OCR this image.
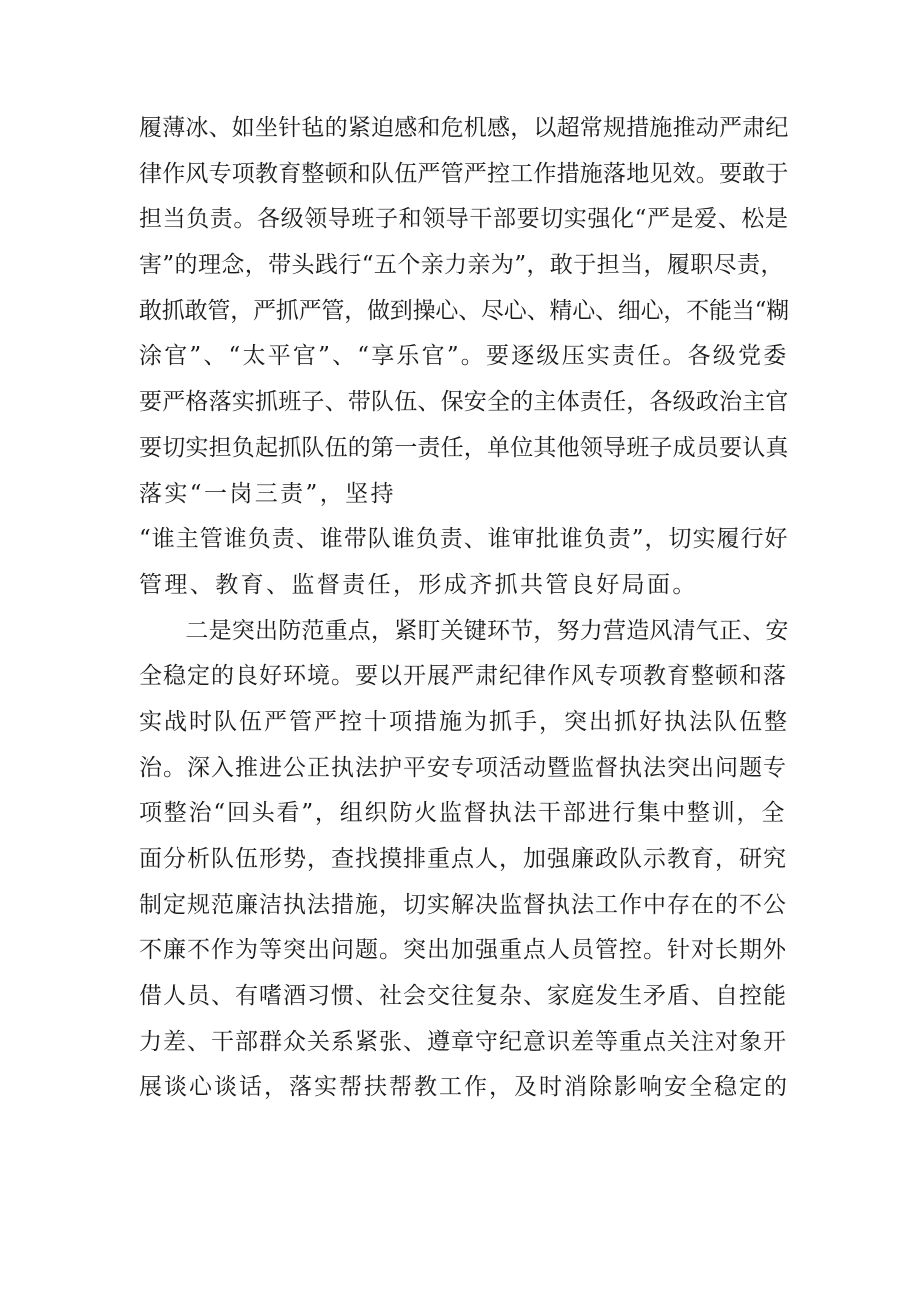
履薄冰、如坐针毡的紧迫感和危机感，以超常规措施推动严肃纪
律作风专项教育整顿和队伍严管严控工作措施落地见效。要敢于
担当负责。各级领导班子和领导干部要切实强化“严是爱、松是
害”的理念，带头践行“五个亲力亲为”，敢于担当，履职尽责，
敢抓敢管，严抓严管，做到操心、尽心、精心、细心，不能当“糊
涂官”、“太平官”、“享乐官”。要逐级压实责任。各级党委
要严格落实抓班子、带队伍、保安全的主体责任，各级政治主官
要切实担负起抓队伍的第一责任，单位其他领导班子成员要认真
落实“一岗三责”，坚持
“谁主管谁负责、谁带队谁负责、谁审批谁负责”，切实履行好
管理、教育、监督责任，形成齐抓共管良好局面。
　　二是突出防范重点，紧盯关键环节，努力营造风清气正、安
全稳定的良好环境。要以开展严肃纪律作风专项教育整顿和落
实战时队伍严管严控十项措施为抓手，突出抓好执法队伍整
治。深入推进公正执法护平安专项活动暨监督执法突出问题专
项整治“回头看”，组织防火监督执法干部进行集中整训，全
面分析队伍形势，查找摸排重点人，加强廉政队示教育，研究
制定规范廉洁执法措施，切实解决监督执法工作中存在的不公
不廉不作为等突出问题。突出加强重点人员管控。针对长期外
借人员、有嗜酒习惯、社会交往复杂、家庭发生矛盾、自控能
力差、干部群众关系紧张、遵章守纪意识差等重点关注对象开
展谈心谈话，落实帮扶帮教工作，及时消除影响安全稳定的
